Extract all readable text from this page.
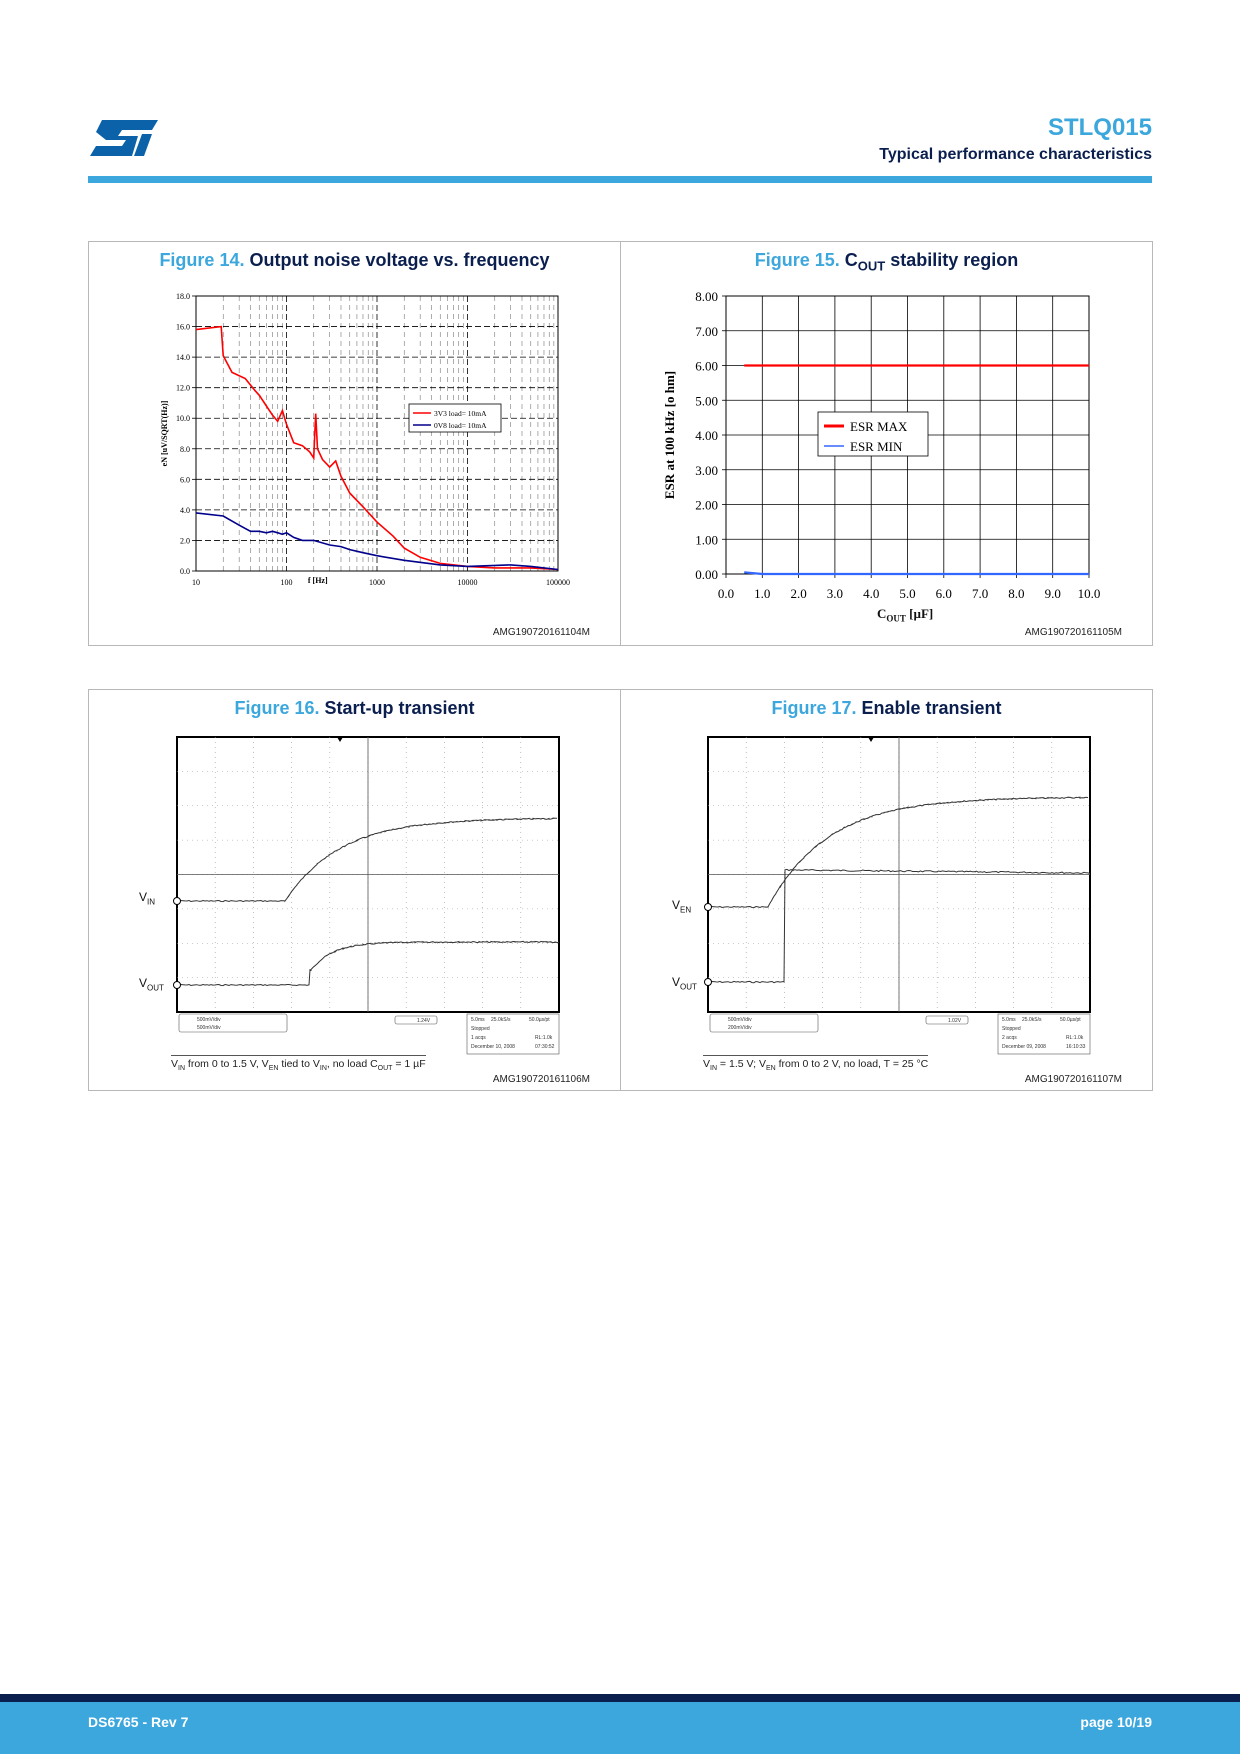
STLQ015
Typical performance characteristics
Figure 14. Output noise voltage vs. frequency
10	100	1000	10000	100000
0.0
2.0
4.0
6.0
8.0
10.0
12.0
14.0
16.0
18.0
f [Hz]
eN [uV/SQRT(Hz)]	3V3 load= 10mA
0V8 load= 10mA
AMG190720161104M
Figure 15. $C_{OUT}$ stability region
0.0 1.0 2.0 3.0 4.0 5.0 6.0 7.0 8.0 9.0 10.0
0.00
1.00
2.00
3.00
4.00
5.00
6.00
7.00
8.00
ESR at 100 kHz [o hm]	ESR MAX
ESR MIN
$C_{OUT}$ [µF]
AMG190720161105M
Figure 16. Start-up transient
500mV/div
500mV/div
1.24V	5.0ms 25.0kS/s	50.0µs/pt
Stopped
1 acqs	RL:1.0k
December 10, 2008	07:30:52
$V_{IN}$
$V_{OUT}$
$V_{IN}$ from 0 to 1.5 V, $V_{EN}$ tied to $V_{IN}$, no load $C_{OUT} = 1$ µF
AMG190720161106M
Figure 17. Enable transient
500mV/div
200mV/div
1.02V	5.0ms 25.0kS/s	50.0µs/pt
Stopped
2 acqs	RL:1.0k
December 09, 2008	16:10:33
$V_{EN}$
$V_{OUT}$
$V_{IN} = 1.5$ V; $V_{EN}$ from 0 to 2 V, no load, T = 25 °C
AMG190720161107M
DS6765 - Rev 7	page 10/19
